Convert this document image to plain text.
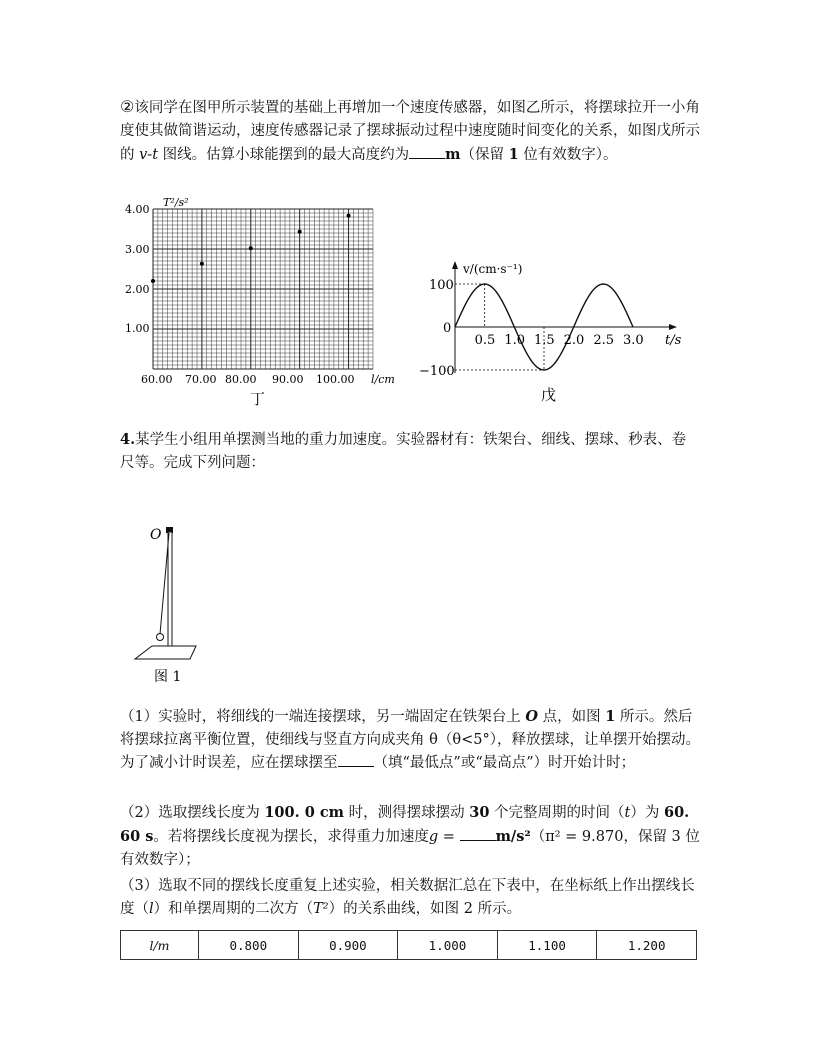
②该同学在图甲所示装置的基础上再增加一个速度传感器，如图乙所示，将摆球拉开一小角度使其做简谐运动，速度传感器记录了摆球振动过程中速度随时间变化的关系，如图戊所示的 v-t 图线。估算小球能摆到的最大高度约为 m（保留 1 位有效数字）。

T²/s²
4.00
3.00
2.00
1.00
60.00 70.00 80.00 90.00 100.00 l/cm
丁
v/(cm·s⁻¹)
100
0
−100
0.5 1.0 1.5 2.0 2.5 3.0 t/s
戊

4.某学生小组用单摆测当地的重力加速度。实验器材有：铁架台、细线、摆球、秒表、卷尺等。完成下列问题：

O
图 1

（1）实验时，将细线的一端连接摆球，另一端固定在铁架台上 O 点，如图 1 所示。然后将摆球拉离平衡位置，使细线与竖直方向成夹角 θ（θ<5°），释放摆球，让单摆开始摆动。为了减小计时误差，应在摆球摆至 （填“最低点”或“最高点”）时开始计时；

（2）选取摆线长度为 100. 0 cm 时，测得摆球摆动 30 个完整周期的时间（t）为 60. 60 s。若将摆线长度视为摆长，求得重力加速度g = m/s²（π² = 9.870，保留 3 位有效数字）；

（3）选取不同的摆线长度重复上述实验，相关数据汇总在下表中，在坐标纸上作出摆线长度（l）和单摆周期的二次方（T²）的关系曲线，如图 2 所示。

l/m	0.800	0.900	1.000	1.100	1.200
